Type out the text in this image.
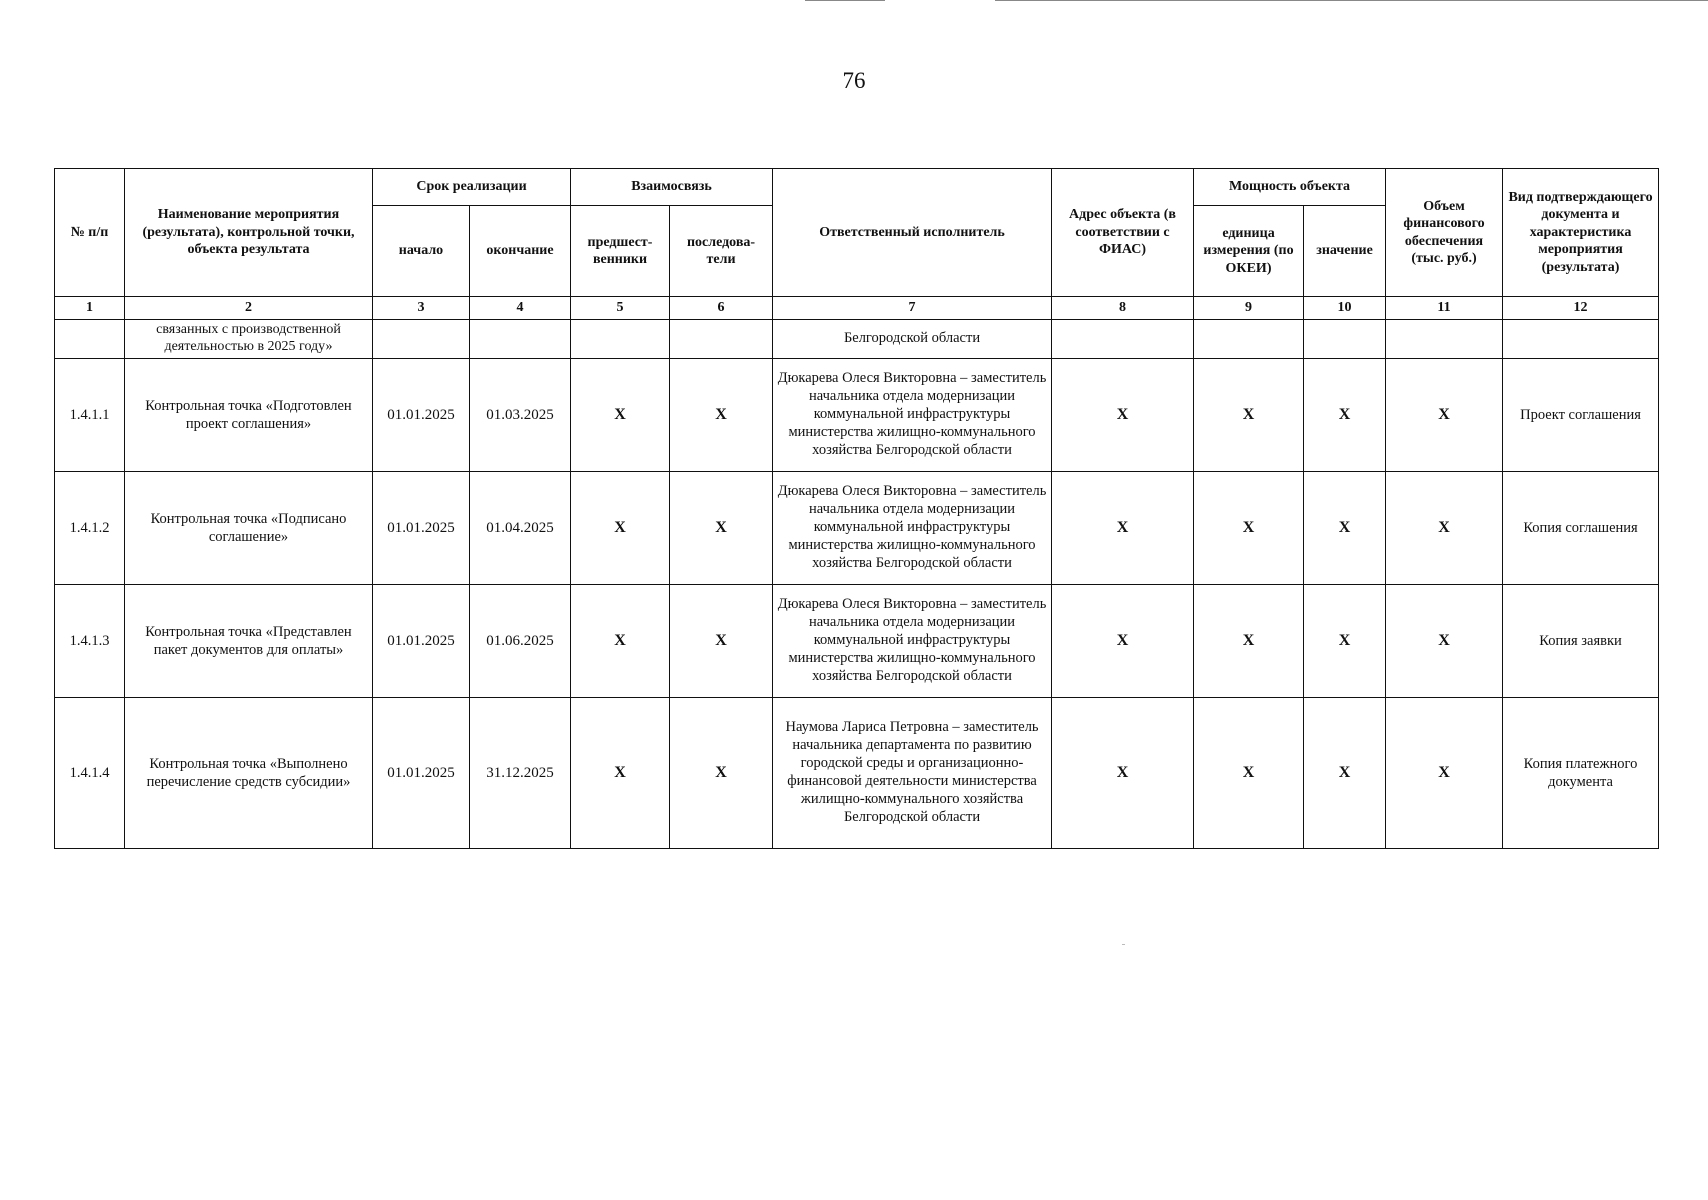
76
№ п/п	Наименование мероприятия (результата), контрольной точки, объекта результата	Срок реализации		Взаимосвязь		Ответственный исполнитель	Адрес объекта (в соответствии с ФИАС)	Мощность объекта		Объем финансового обеспечения (тыс. руб.)	Вид подтверждающего документа и характеристика мероприятия (результата)
		начало	окончание	предшест-венники	последова-тели			единица измерения (по ОКЕИ)	значение		
1	2	3	4	5	6	7	8	9	10	11	12
	связанных с производственной деятельностью в 2025 году»					Белгородской области					
1.4.1.1	Контрольная точка «Подготовлен проект соглашения»	01.01.2025	01.03.2025	X	X	Дюкарева Олеся Викторовна – заместитель начальника отдела модернизации коммунальной инфраструктуры министерства жилищно-коммунального хозяйства Белгородской области	X	X	X	X	Проект соглашения
1.4.1.2	Контрольная точка «Подписано соглашение»	01.01.2025	01.04.2025	X	X	Дюкарева Олеся Викторовна – заместитель начальника отдела модернизации коммунальной инфраструктуры министерства жилищно-коммунального хозяйства Белгородской области	X	X	X	X	Копия соглашения
1.4.1.3	Контрольная точка «Представлен пакет документов для оплаты»	01.01.2025	01.06.2025	X	X	Дюкарева Олеся Викторовна – заместитель начальника отдела модернизации коммунальной инфраструктуры министерства жилищно-коммунального хозяйства Белгородской области	X	X	X	X	Копия заявки
1.4.1.4	Контрольная точка «Выполнено перечисление средств субсидии»	01.01.2025	31.12.2025	X	X	Наумова Лариса Петровна – заместитель начальника департамента по развитию городской среды и организационно-финансовой деятельности министерства жилищно-коммунального хозяйства Белгородской области	X	X	X	X	Копия платежного документа
